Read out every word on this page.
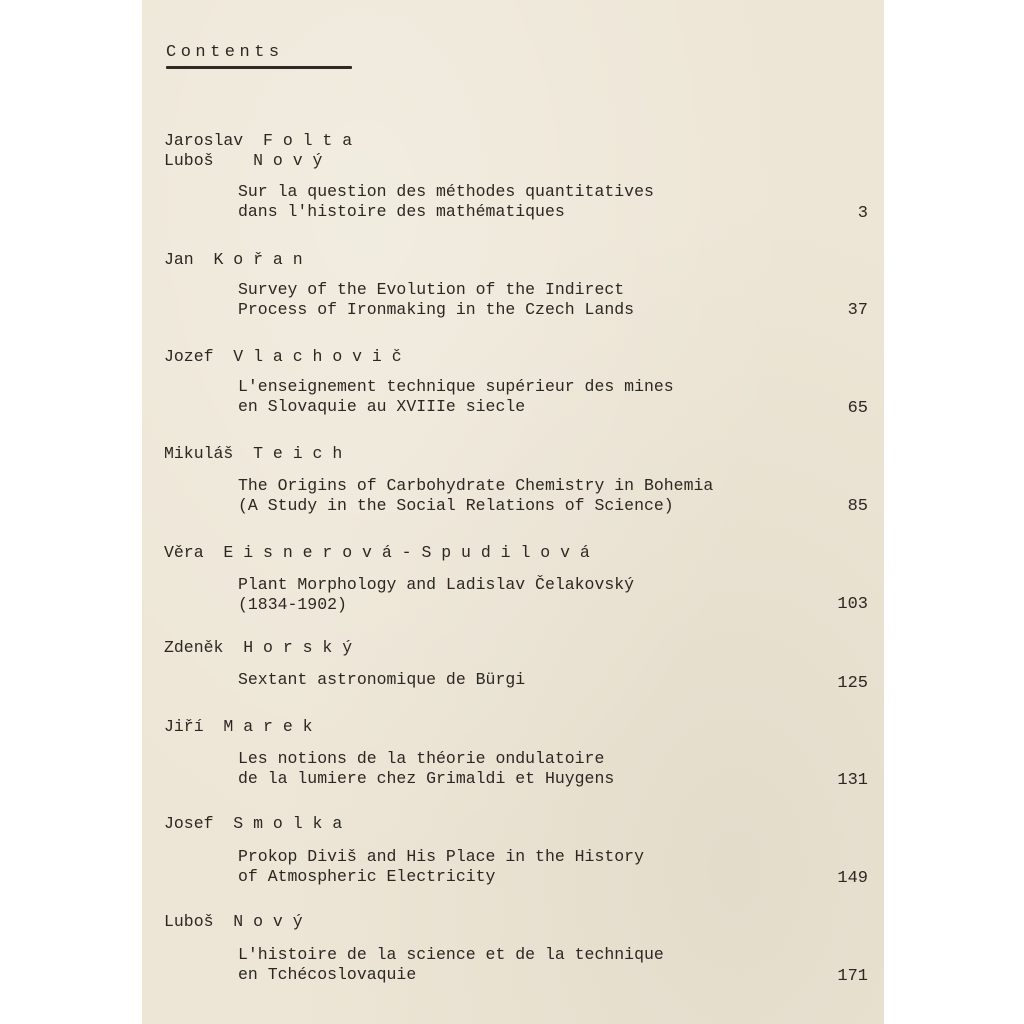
Contents
Jaroslav  F o l t a
Luboš    N o v ý
Sur la question des méthodes quantitatives
dans l'histoire des mathématiques	3
Jan  K o ř a n
Survey of the Evolution of the Indirect
Process of Ironmaking in the Czech Lands	37
Jozef  V l a c h o v i č
L'enseignement technique supérieur des mines
en Slovaquie au XVIIIe siecle	65
Mikuláš  T e i c h
The Origins of Carbohydrate Chemistry in Bohemia
(A Study in the Social Relations of Science)	85
Věra  E i s n e r o v á - S p u d i l o v á
Plant Morphology and Ladislav Čelakovský
(1834-1902)	103
Zdeněk  H o r s k ý
Sextant astronomique de Bürgi	125
Jiří  M a r e k
Les notions de la théorie ondulatoire
de la lumiere chez Grimaldi et Huygens	131
Josef  S m o l k a
Prokop Diviš and His Place in the History
of Atmospheric Electricity	149
Luboš  N o v ý
L'histoire de la science et de la technique
en Tchécoslovaquie	171
